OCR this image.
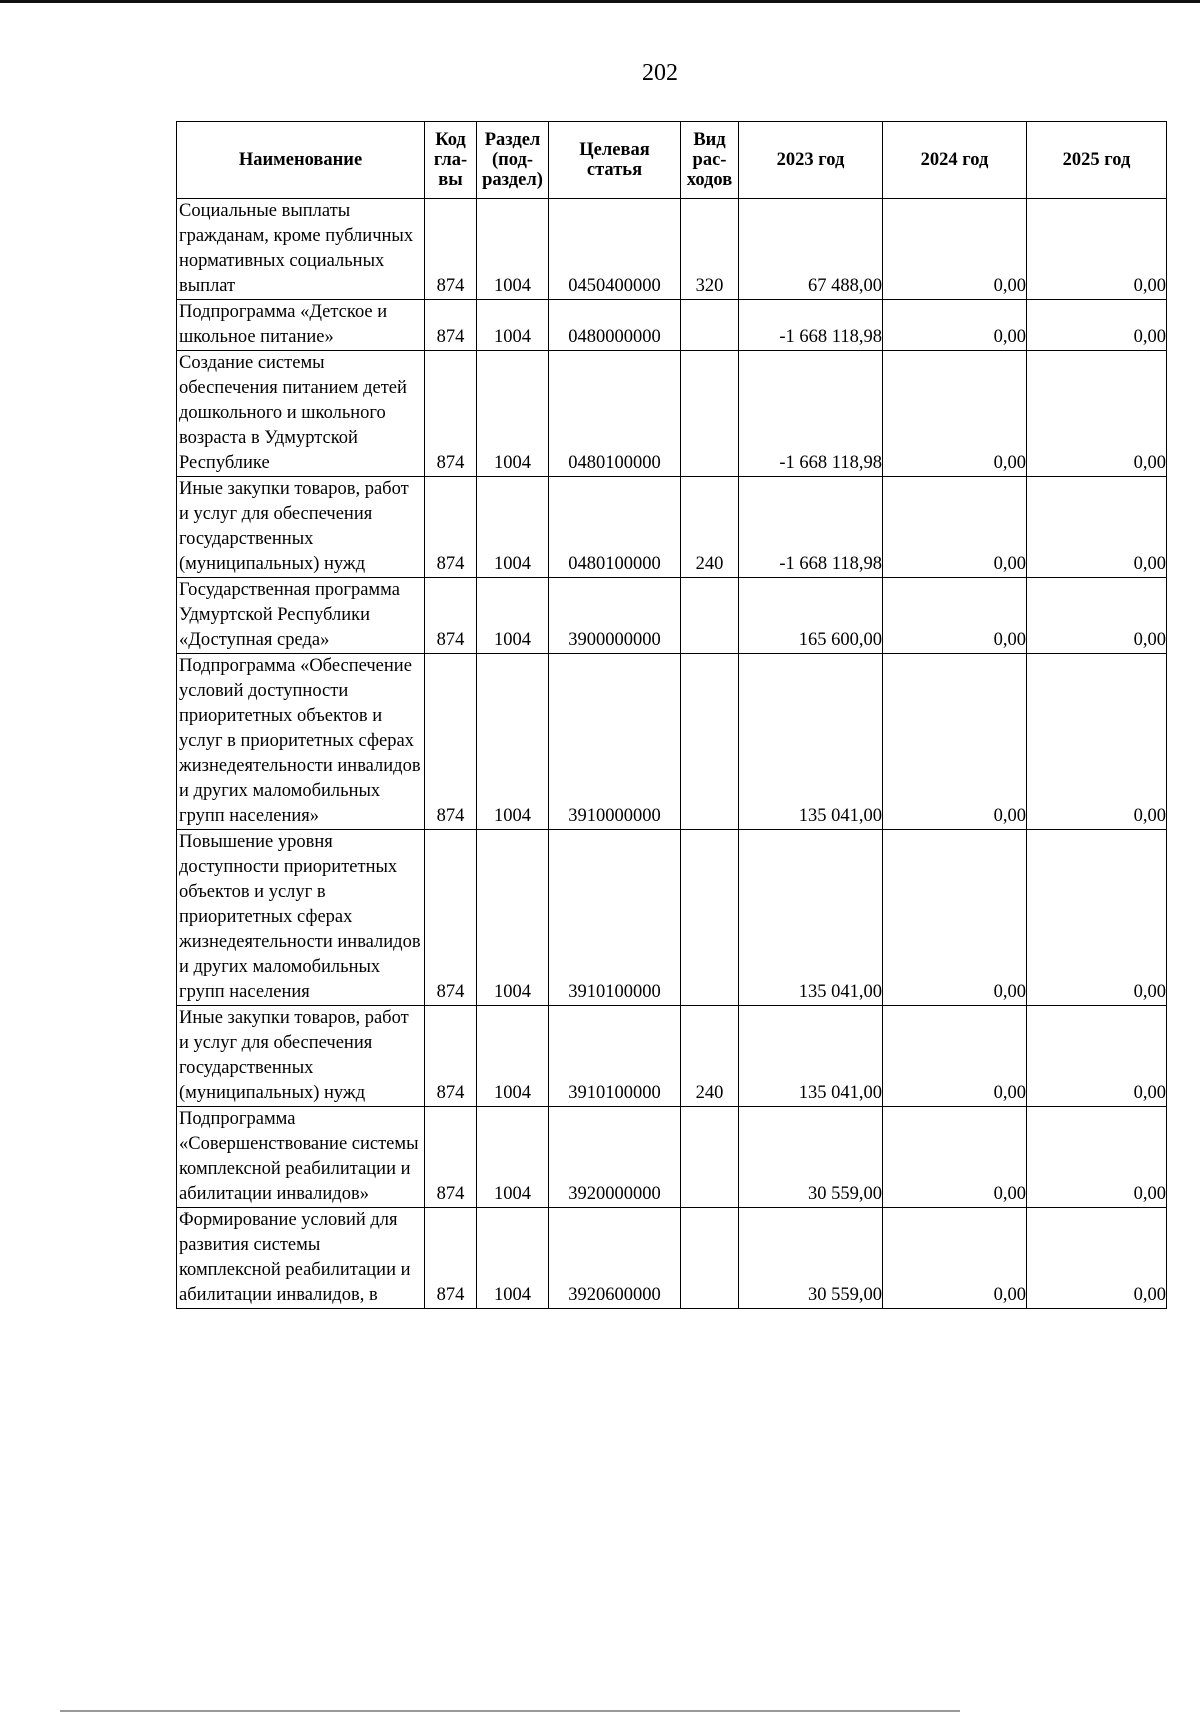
202
Наименование	Код гла- вы	Раздел (под- раздел)	Целевая статья	Вид рас- ходов	2023 год	2024 год	2025 год
Социальные выплаты гражданам, кроме публичных нормативных социальных выплат	874	1004	0450400000	320	67 488,00	0,00	0,00
Подпрограмма «Детское и школьное питание»	874	1004	0480000000		-1 668 118,98	0,00	0,00
Создание системы обеспечения питанием детей дошкольного и школьного возраста в Удмуртской Республике	874	1004	0480100000		-1 668 118,98	0,00	0,00
Иные закупки товаров, работ и услуг для обеспечения государственных (муниципальных) нужд	874	1004	0480100000	240	-1 668 118,98	0,00	0,00
Государственная программа Удмуртской Республики «Доступная среда»	874	1004	3900000000		165 600,00	0,00	0,00
Подпрограмма «Обеспечение условий доступности приоритетных объектов и услуг в приоритетных сферах жизнедеятельности инвалидов и других маломобильных групп населения»	874	1004	3910000000		135 041,00	0,00	0,00
Повышение уровня доступности приоритетных объектов и услуг в приоритетных сферах жизнедеятельности инвалидов и других маломобильных групп населения	874	1004	3910100000		135 041,00	0,00	0,00
Иные закупки товаров, работ и услуг для обеспечения государственных (муниципальных) нужд	874	1004	3910100000	240	135 041,00	0,00	0,00
Подпрограмма «Совершенствование системы комплексной реабилитации и абилитации инвалидов»	874	1004	3920000000		30 559,00	0,00	0,00
Формирование условий для развития системы комплексной реабилитации и абилитации инвалидов, в	874	1004	3920600000		30 559,00	0,00	0,00
